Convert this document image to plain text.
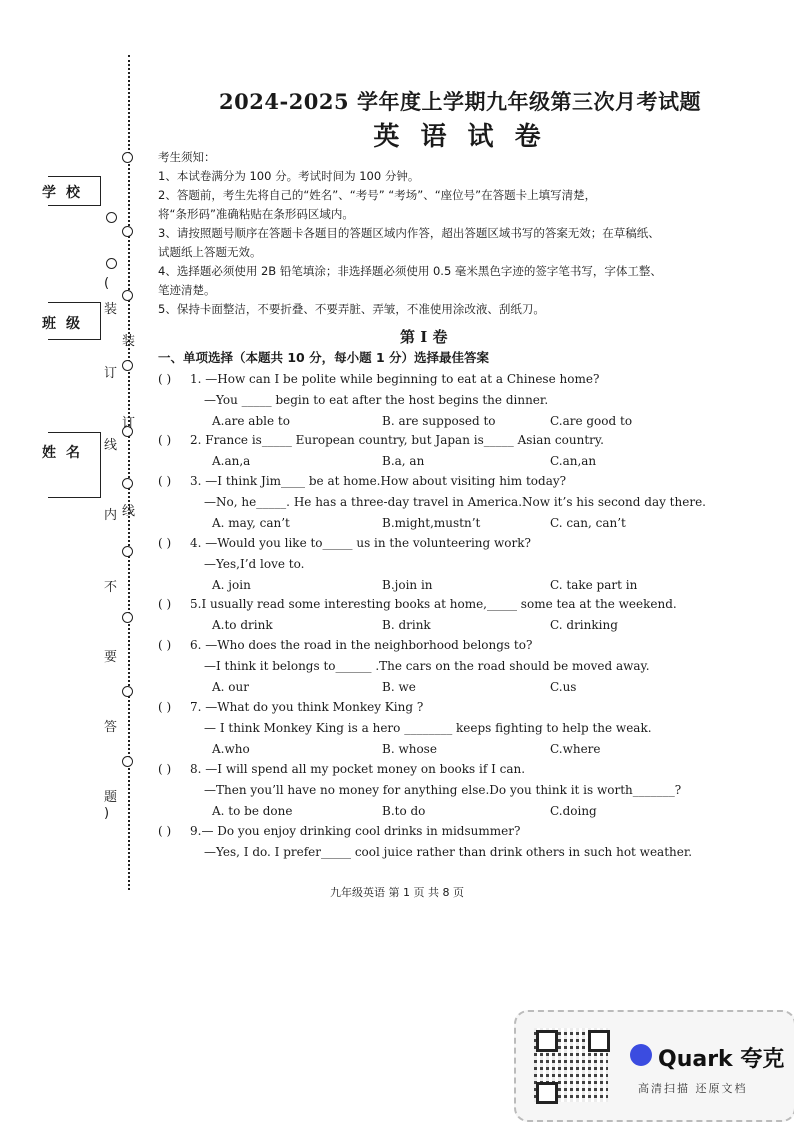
学 校
班 级
姓 名
(
装
订
线
内
不
要
答
题
)
装
订
线
2024-2025 学年度上学期九年级第三次月考试题
英 语 试 卷
考生须知：
1、本试卷满分为 100 分。考试时间为 100 分钟。
2、答题前，考生先将自己的“姓名”、“考号” “考场”、“座位号”在答题卡上填写清楚，
将“条形码”准确粘贴在条形码区域内。
3、请按照题号顺序在答题卡各题目的答题区域内作答，超出答题区域书写的答案无效；在草稿纸、
试题纸上答题无效。
4、选择题必须使用 2B 铅笔填涂；非选择题必须使用 0.5 毫米黑色字迹的签字笔书写，字体工整、
笔迹清楚。
5、保持卡面整洁，不要折叠、不要弄脏、弄皱，不准使用涂改液、刮纸刀。
第 I 卷
一、单项选择（本题共 10 分，每小题 1 分）选择最佳答案
( ) 1. —How can I be polite while beginning to eat at a Chinese home?
—You _____ begin to eat after the host begins the dinner.
A.are able to	B. are supposed to	C.are good to
( ) 2. France is_____ European country, but Japan is_____ Asian country.
A.an,a	B.a, an	C.an,an
( ) 3. —I think Jim____ be at home.How about visiting him today?
—No, he_____. He has a three-day travel in America.Now it’s his second day there.
A. may, can’t	B.might,mustn’t	C. can, can’t
( ) 4. —Would you like to_____ us in the volunteering work?
—Yes,I’d love to.
A. join	B.join in	C. take part in
( ) 5.I usually read some interesting books at home,_____ some tea at the weekend.
A.to drink	B. drink	C. drinking
( ) 6. —Who does the road in the neighborhood belongs to?
—I think it belongs to______ .The cars on the road should be moved away.
A. our	B. we	C.us
( ) 7. —What do you think Monkey King ?
— I think Monkey King is a hero ________ keeps fighting to help the weak.
A.who	B. whose	C.where
( ) 8. —I will spend all my pocket money on books if I can.
—Then you’ll have no money for anything else.Do you think it is worth_______?
A. to be done	B.to do	C.doing
( ) 9.— Do you enjoy drinking cool drinks in midsummer?
—Yes, I do. I prefer_____ cool juice rather than drink others in such hot weather.
九年级英语 第 1 页 共 8 页
Quark 夸克
高清扫描 还原文档
